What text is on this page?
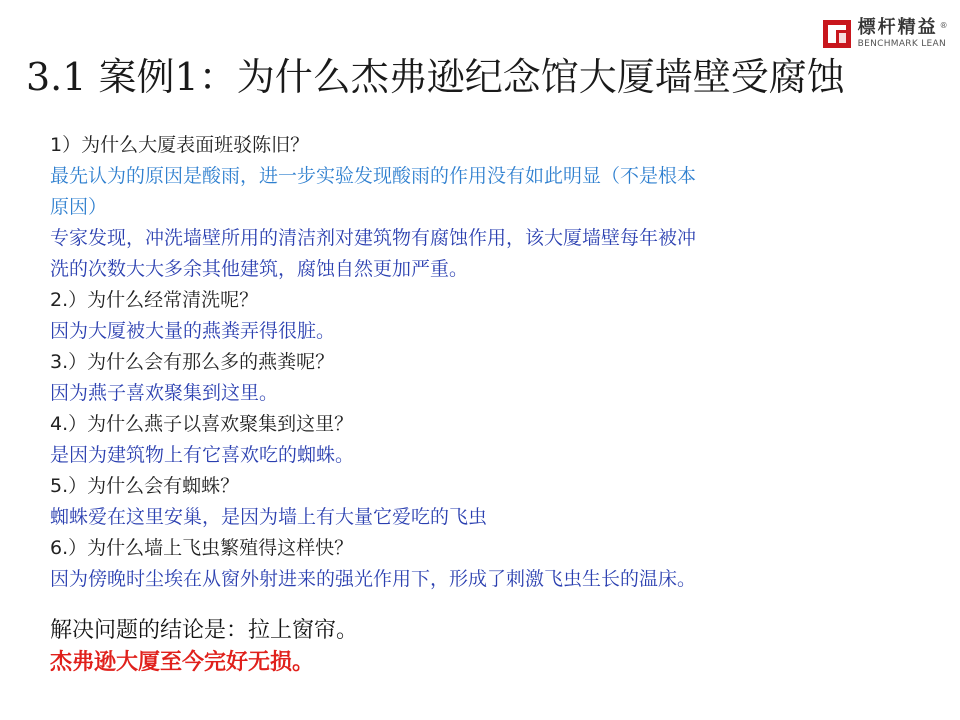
標杆精益 ®
BENCHMARK LEAN
3.1 案例1：为什么杰弗逊纪念馆大厦墙壁受腐蚀
1）为什么大厦表面班驳陈旧？
最先认为的原因是酸雨，进一步实验发现酸雨的作用没有如此明显（不是根本
原因）
专家发现，冲洗墙壁所用的清洁剂对建筑物有腐蚀作用，该大厦墙壁每年被冲
洗的次数大大多余其他建筑，腐蚀自然更加严重。
2.）为什么经常清洗呢？
因为大厦被大量的燕粪弄得很脏。
3.）为什么会有那么多的燕粪呢？
因为燕子喜欢聚集到这里。
4.）为什么燕子以喜欢聚集到这里？
是因为建筑物上有它喜欢吃的蜘蛛。
5.）为什么会有蜘蛛？
蜘蛛爱在这里安巢，是因为墙上有大量它爱吃的飞虫
6.）为什么墙上飞虫繁殖得这样快？
因为傍晚时尘埃在从窗外射进来的强光作用下，形成了刺激飞虫生长的温床。
解决问题的结论是：拉上窗帘。
杰弗逊大厦至今完好无损。
